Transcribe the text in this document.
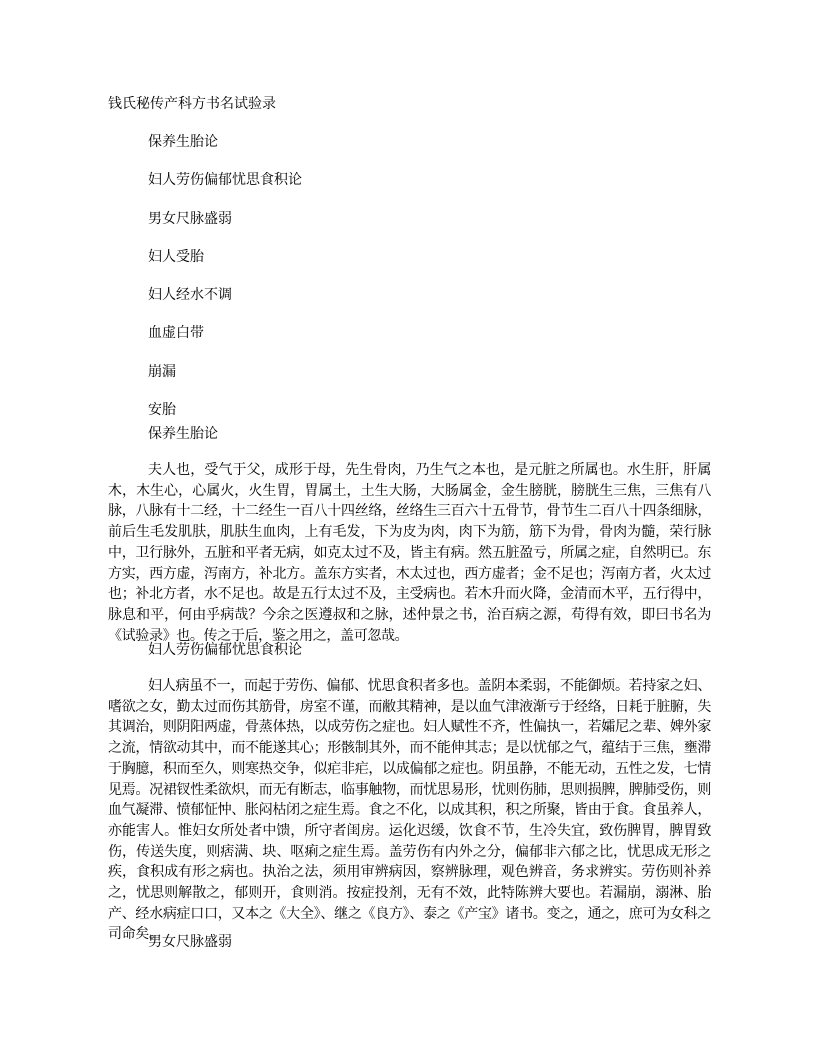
钱氏秘传产科方书名试验录
保养生胎论
妇人劳伤偏郁忧思食积论
男女尺脉盛弱
妇人受胎
妇人经水不调
血虚白带
崩漏
安胎
保养生胎论

夫人也，受气于父，成形于母，先生骨肉，乃生气之本也，是元脏之所属也。水生肝，肝属木，木生心，心属火，火生胃，胃属土，土生大肠，大肠属金，金生膀胱，膀胱生三焦，三焦有八脉，八脉有十二经，十二经生一百八十四丝络，丝络生三百六十五骨节，骨节生二百八十四条细脉，前后生毛发肌肤，肌肤生血肉，上有毛发，下为皮为肉，肉下为筋，筋下为骨，骨肉为髓，荣行脉中，卫行脉外，五脏和平者无病，如克太过不及，皆主有病。然五脏盈亏，所属之症，自然明已。东方实，西方虚，泻南方，补北方。盖东方实者，木太过也，西方虚者；金不足也；泻南方者，火太过也；补北方者，水不足也。故是五行太过不及，主受病也。若木升而火降，金清而木平，五行得中，脉息和平，何由乎病哉？今余之医遵叔和之脉，述仲景之书，治百病之源，苟得有效，即曰书名为《试验录》也。传之于后，鉴之用之，盖可忽哉。

妇人劳伤偏郁忧思食积论

妇人病虽不一，而起于劳伤、偏郁、忧思食积者多也。盖阴本柔弱，不能御烦。若持家之妇、嗜欲之女，勤太过而伤其筋骨，房室不谨，而敝其精神，是以血气津液渐亏于经络，日耗于脏腑，失其调治，则阴阳两虚，骨蒸体热，以成劳伤之症也。妇人赋性不齐，性偏执一，若孀尼之辈、婢外家之流，情欲动其中，而不能遂其心；形骸制其外，而不能伸其志；是以忧郁之气，蕴结于三焦，壅滞于胸臆，积而至久，则寒热交争，似疟非疟，以成偏郁之症也。阴虽静，不能无动，五性之发，七情见焉。况裙钗性柔欲炽，而无有断志，临事触物，而忧思易形，忧则伤肺，思则损脾，脾肺受伤，则血气凝滞、愤郁怔忡、胀闷枯闭之症生焉。食之不化，以成其积，积之所聚，皆由于食。食虽养人，亦能害人。惟妇女所处者中馈，所守者闺房。运化迟缓，饮食不节，生冷失宜，致伤脾胃，脾胃致伤，传送失度，则痞满、块、呕痢之症生焉。盖劳伤有内外之分，偏郁非六郁之比，忧思成无形之疾，食积成有形之病也。执治之法，须用审辨病因，察辨脉理，观色辨音，务求辨实。劳伤则补养之，忧思则解散之，郁则开，食则消。按症投剂，无有不效，此特陈辨大要也。若漏崩，溺淋、胎产、经水病症口口，又本之《大全》、继之《良方》、泰之《产宝》诸书。变之，通之，庶可为女科之司命矣。

男女尺脉盛弱
